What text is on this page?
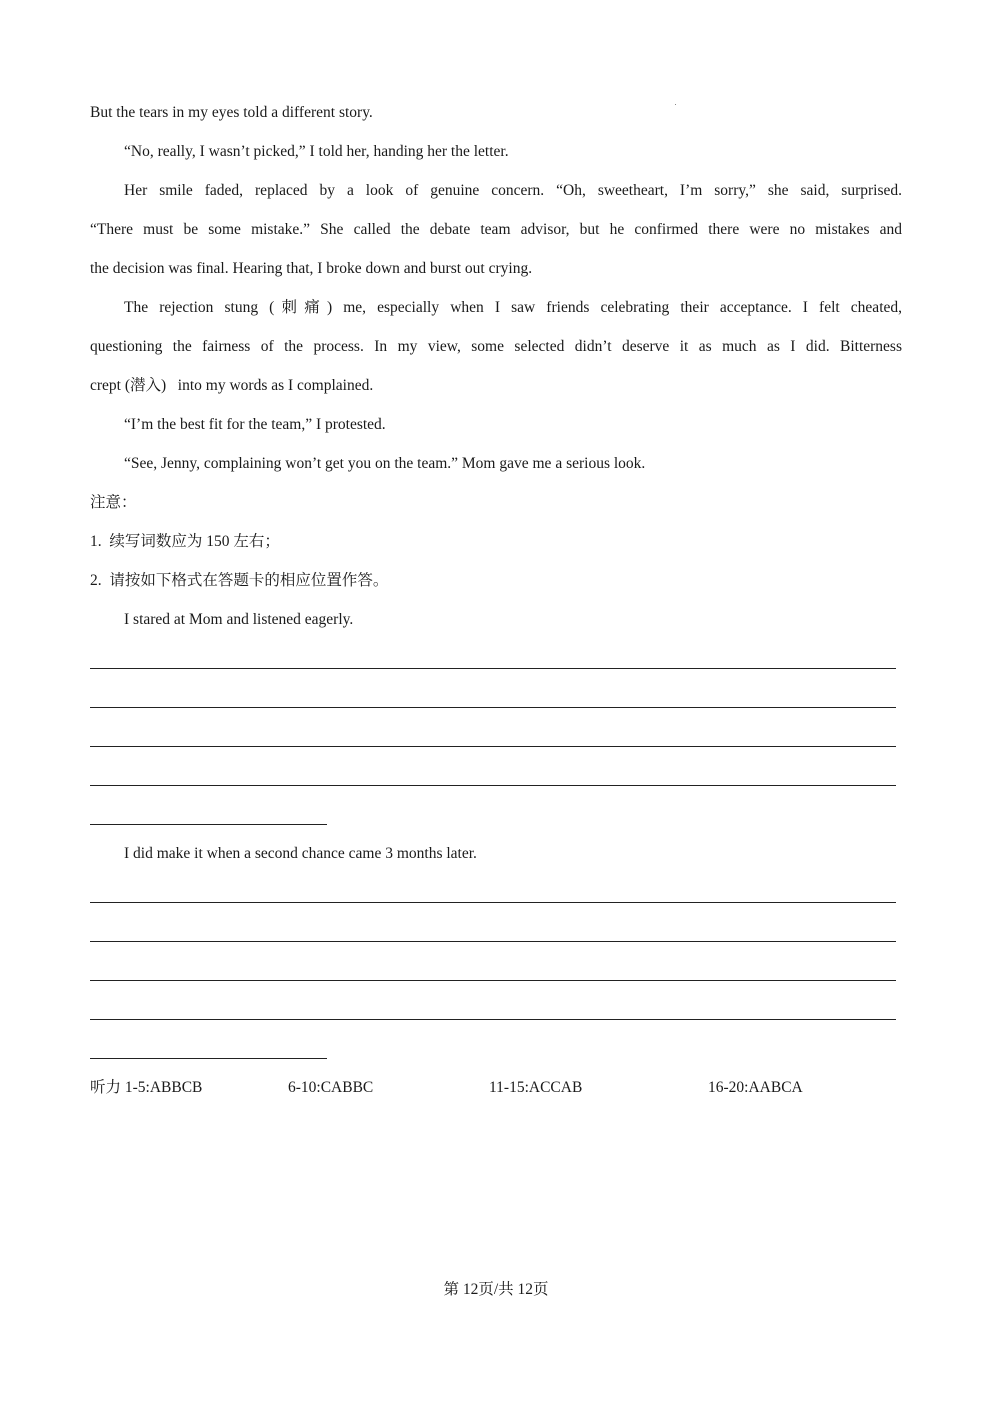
But the tears in my eyes told a different story.
“No, really, I wasn’t picked,” I told her, handing her the letter.
Her smile faded, replaced by a look of genuine concern. “Oh, sweetheart, I’m sorry,” she said, surprised.
“There must be some mistake.” She called the debate team advisor, but he confirmed there were no mistakes and
the decision was final. Hearing that, I broke down and burst out crying.
The rejection stung (刺痛) me, especially when I saw friends celebrating their acceptance. I felt cheated,
questioning the fairness of the process. In my view, some selected didn’t deserve it as much as I did. Bitterness
crept (潜入)   into my words as I complained.
“I’m the best fit for the team,” I protested.
“See, Jenny, complaining won’t get you on the team.” Mom gave me a serious look.
注意：
1.  续写词数应为 150 左右；
2.  请按如下格式在答题卡的相应位置作答。
I stared at Mom and listened eagerly.
I did make it when a second chance came 3 months later.
听力 1-5:ABBCB	6-10:CABBC	11-15:ACCAB	16-20:AABCA
第 12页/共 12页
